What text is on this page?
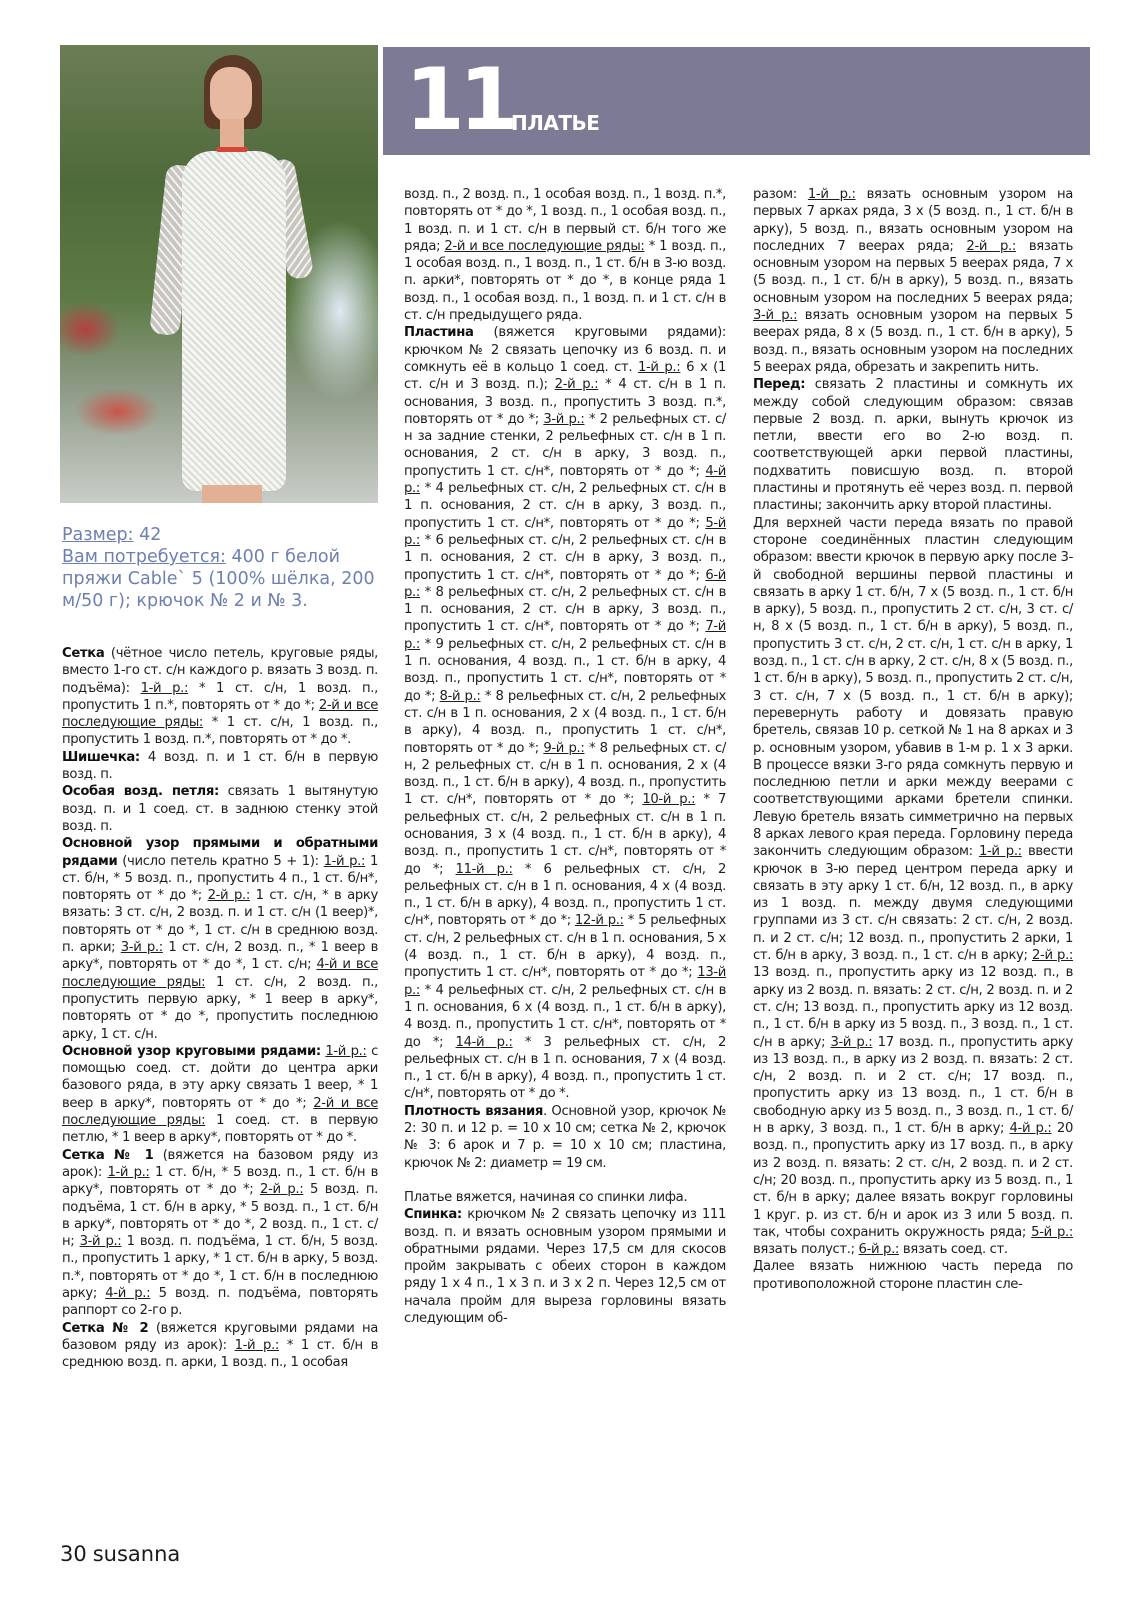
11
ПЛАТЬЕ
Размер: 42
Вам потребуется: 400 г белой пряжи Cable` 5 (100% шёлка, 200 м/50 г); крючок № 2 и № 3.

Сетка (чётное число петель, круговые ряды, вместо 1-го ст. с/н каждого р. вязать 3 возд. п. подъёма): 1-й р.: * 1 ст. с/н, 1 возд. п., пропустить 1 п.*, повторять от * до *; 2-й и все последующие ряды: * 1 ст. с/н, 1 возд. п., пропустить 1 возд. п.*, повторять от * до *.

Шишечка: 4 возд. п. и 1 ст. б/н в первую возд. п.

Особая возд. петля: связать 1 вытянутую возд. п. и 1 соед. ст. в заднюю стенку этой возд. п.

Основной узор прямыми и обратными рядами (число петель кратно 5 + 1): 1-й р.: 1 ст. б/н, * 5 возд. п., пропустить 4 п., 1 ст. б/н*, повторять от * до *; 2-й р.: 1 ст. с/н, * в арку вязать: 3 ст. с/н, 2 возд. п. и 1 ст. с/н (1 веер)*, повторять от * до *, 1 ст. с/н в среднюю возд. п. арки; 3-й р.: 1 ст. с/н, 2 возд. п., * 1 веер в арку*, повторять от * до *, 1 ст. с/н; 4-й и все последующие ряды: 1 ст. с/н, 2 возд. п., пропустить первую арку, * 1 веер в арку*, повторять от * до *, пропустить последнюю арку, 1 ст. с/н.

Основной узор круговыми рядами: 1-й р.: с помощью соед. ст. дойти до центра арки базового ряда, в эту арку связать 1 веер, * 1 веер в арку*, повторять от * до *; 2-й и все последующие ряды: 1 соед. ст. в первую петлю, * 1 веер в арку*, повторять от * до *.

Сетка № 1 (вяжется на базовом ряду из арок): 1-й р.: 1 ст. б/н, * 5 возд. п., 1 ст. б/н в арку*, повторять от * до *; 2-й р.: 5 возд. п. подъёма, 1 ст. б/н в арку, * 5 возд. п., 1 ст. б/н в арку*, повторять от * до *, 2 возд. п., 1 ст. с/н; 3-й р.: 1 возд. п. подъёма, 1 ст. б/н, 5 возд. п., пропустить 1 арку, * 1 ст. б/н в арку, 5 возд. п.*, повторять от * до *, 1 ст. б/н в последнюю арку; 4-й р.: 5 возд. п. подъёма, повторять раппорт со 2-го р.

Сетка № 2 (вяжется круговыми рядами на базовом ряду из арок): 1-й р.: * 1 ст. б/н в среднюю возд. п. арки, 1 возд. п., 1 особая

возд. п., 2 возд. п., 1 особая возд. п., 1 возд. п.*, повторять от * до *, 1 возд. п., 1 особая возд. п., 1 возд. п. и 1 ст. с/н в первый ст. б/н того же ряда; 2-й и все последующие ряды: * 1 возд. п., 1 особая возд. п., 1 возд. п., 1 ст. б/н в 3-ю возд. п. арки*, повторять от * до *, в конце ряда 1 возд. п., 1 особая возд. п., 1 возд. п. и 1 ст. с/н в ст. с/н предыдущего ряда.

Пластина (вяжется круговыми рядами): крючком № 2 связать цепочку из 6 возд. п. и сомкнуть её в кольцо 1 соед. ст. 1-й р.: 6 х (1 ст. с/н и 3 возд. п.); 2-й р.: * 4 ст. с/н в 1 п. основания, 3 возд. п., пропустить 3 возд. п.*, повторять от * до *; 3-й р.: * 2 рельефных ст. с/н за задние стенки, 2 рельефных ст. с/н в 1 п. основания, 2 ст. с/н в арку, 3 возд. п., пропустить 1 ст. с/н*, повторять от * до *; 4-й р.: * 4 рельефных ст. с/н, 2 рельефных ст. с/н в 1 п. основания, 2 ст. с/н в арку, 3 возд. п., пропустить 1 ст. с/н*, повторять от * до *; 5-й р.: * 6 рельефных ст. с/н, 2 рельефных ст. с/н в 1 п. основания, 2 ст. с/н в арку, 3 возд. п., пропустить 1 ст. с/н*, повторять от * до *; 6-й р.: * 8 рельефных ст. с/н, 2 рельефных ст. с/н в 1 п. основания, 2 ст. с/н в арку, 3 возд. п., пропустить 1 ст. с/н*, повторять от * до *; 7-й р.: * 9 рельефных ст. с/н, 2 рельефных ст. с/н в 1 п. основания, 4 возд. п., 1 ст. б/н в арку, 4 возд. п., пропустить 1 ст. с/н*, повторять от * до *; 8-й р.: * 8 рельефных ст. с/н, 2 рельефных ст. с/н в 1 п. основания, 2 х (4 возд. п., 1 ст. б/н в арку), 4 возд. п., пропустить 1 ст. с/н*, повторять от * до *; 9-й р.: * 8 рельефных ст. с/н, 2 рельефных ст. с/н в 1 п. основания, 2 х (4 возд. п., 1 ст. б/н в арку), 4 возд. п., пропустить 1 ст. с/н*, повторять от * до *; 10-й р.: * 7 рельефных ст. с/н, 2 рельефных ст. с/н в 1 п. основания, 3 х (4 возд. п., 1 ст. б/н в арку), 4 возд. п., пропустить 1 ст. с/н*, повторять от * до *; 11-й р.: * 6 рельефных ст. с/н, 2 рельефных ст. с/н в 1 п. основания, 4 х (4 возд. п., 1 ст. б/н в арку), 4 возд. п., пропустить 1 ст. с/н*, повторять от * до *; 12-й р.: * 5 рельефных ст. с/н, 2 рельефных ст. с/н в 1 п. основания, 5 х (4 возд. п., 1 ст. б/н в арку), 4 возд. п., пропустить 1 ст. с/н*, повторять от * до *; 13-й р.: * 4 рельефных ст. с/н, 2 рельефных ст. с/н в 1 п. основания, 6 х (4 возд. п., 1 ст. б/н в арку), 4 возд. п., пропустить 1 ст. с/н*, повторять от * до *; 14-й р.: * 3 рельефных ст. с/н, 2 рельефных ст. с/н в 1 п. основания, 7 х (4 возд. п., 1 ст. б/н в арку), 4 возд. п., пропустить 1 ст. с/н*, повторять от * до *.

Плотность вязания. Основной узор, крючок № 2: 30 п. и 12 р. = 10 х 10 см; сетка № 2, крючок № 3: 6 арок и 7 р. = 10 х 10 см; пластина, крючок № 2: диаметр = 19 см.

Платье вяжется, начиная со спинки лифа.

Спинка: крючком № 2 связать цепочку из 111 возд. п. и вязать основным узором прямыми и обратными рядами. Через 17,5 см для скосов пройм закрывать с обеих сторон в каждом ряду 1 х 4 п., 1 х 3 п. и 3 х 2 п. Через 12,5 см от начала пройм для выреза горловины вязать следующим об-

разом: 1-й р.: вязать основным узором на первых 7 арках ряда, 3 х (5 возд. п., 1 ст. б/н в арку), 5 возд. п., вязать основным узором на последних 7 веерах ряда; 2-й р.: вязать основным узором на первых 5 веерах ряда, 7 х (5 возд. п., 1 ст. б/н в арку), 5 возд. п., вязать основным узором на последних 5 веерах ряда; 3-й р.: вязать основным узором на первых 5 веерах ряда, 8 х (5 возд. п., 1 ст. б/н в арку), 5 возд. п., вязать основным узором на последних 5 веерах ряда, обрезать и закрепить нить.

Перед: связать 2 пластины и сомкнуть их между собой следующим образом: связав первые 2 возд. п. арки, вынуть крючок из петли, ввести его во 2-ю возд. п. соответствующей арки первой пластины, подхватить повисшую возд. п. второй пластины и протянуть её через возд. п. первой пластины; закончить арку второй пластины.

Для верхней части переда вязать по правой стороне соединённых пластин следующим образом: ввести крючок в первую арку после 3-й свободной вершины первой пластины и связать в арку 1 ст. б/н, 7 х (5 возд. п., 1 ст. б/н в арку), 5 возд. п., пропустить 2 ст. с/н, 3 ст. с/н, 8 х (5 возд. п., 1 ст. б/н в арку), 5 возд. п., пропустить 3 ст. с/н, 2 ст. с/н, 1 ст. с/н в арку, 1 возд. п., 1 ст. с/н в арку, 2 ст. с/н, 8 х (5 возд. п., 1 ст. б/н в арку), 5 возд. п., пропустить 2 ст. с/н, 3 ст. с/н, 7 х (5 возд. п., 1 ст. б/н в арку); перевернуть работу и довязать правую бретель, связав 10 р. сеткой № 1 на 8 арках и 3 р. основным узором, убавив в 1-м р. 1 х 3 арки. В процессе вязки 3-го ряда сомкнуть первую и последнюю петли и арки между веерами с соответствующими арками бретели спинки. Левую бретель вязать симметрично на первых 8 арках левого края переда. Горловину переда закончить следующим образом: 1-й р.: ввести крючок в 3-ю перед центром переда арку и связать в эту арку 1 ст. б/н, 12 возд. п., в арку из 1 возд. п. между двумя следующими группами из 3 ст. с/н связать: 2 ст. с/н, 2 возд. п. и 2 ст. с/н; 12 возд. п., пропустить 2 арки, 1 ст. б/н в арку, 3 возд. п., 1 ст. с/н в арку; 2-й р.: 13 возд. п., пропустить арку из 12 возд. п., в арку из 2 возд. п. вязать: 2 ст. с/н, 2 возд. п. и 2 ст. с/н; 13 возд. п., пропустить арку из 12 возд. п., 1 ст. б/н в арку из 5 возд. п., 3 возд. п., 1 ст. с/н в арку; 3-й р.: 17 возд. п., пропустить арку из 13 возд. п., в арку из 2 возд. п. вязать: 2 ст. с/н, 2 возд. п. и 2 ст. с/н; 17 возд. п., пропустить арку из 13 возд. п., 1 ст. б/н в свободную арку из 5 возд. п., 3 возд. п., 1 ст. б/н в арку, 3 возд. п., 1 ст. б/н в арку; 4-й р.: 20 возд. п., пропустить арку из 17 возд. п., в арку из 2 возд. п. вязать: 2 ст. с/н, 2 возд. п. и 2 ст. с/н; 20 возд. п., пропустить арку из 5 возд. п., 1 ст. б/н в арку; далее вязать вокруг горловины 1 круг. р. из ст. б/н и арок из 3 или 5 возд. п. так, чтобы сохранить окружность ряда; 5-й р.: вязать полуст.; 6-й р.: вязать соед. ст.

Далее вязать нижнюю часть переда по противоположной стороне пластин сле-

30 susanna
